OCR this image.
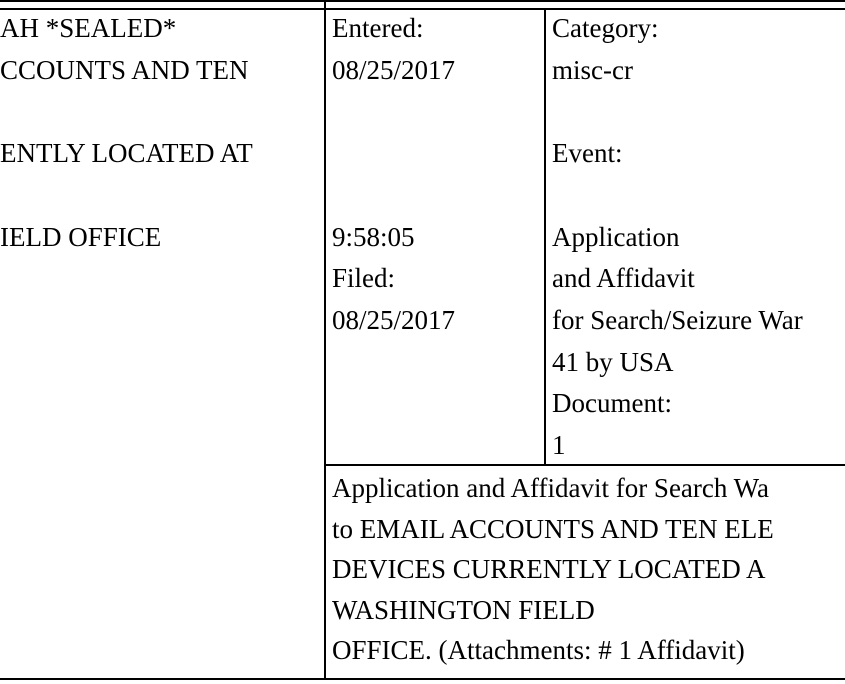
AH *SEALED*
CCOUNTS AND TEN
ENTLY LOCATED AT
IELD OFFICE
Entered:
08/25/2017
9:58:05
Filed:
08/25/2017
Category:
misc-cr
Event:
Application
and Affidavit
for Search/Seizure War
41 by USA
Document:
1
Application and Affidavit for Search Wa
to EMAIL ACCOUNTS AND TEN ELE
DEVICES CURRENTLY LOCATED A
WASHINGTON FIELD
OFFICE. (Attachments: # 1 Affidavit)
